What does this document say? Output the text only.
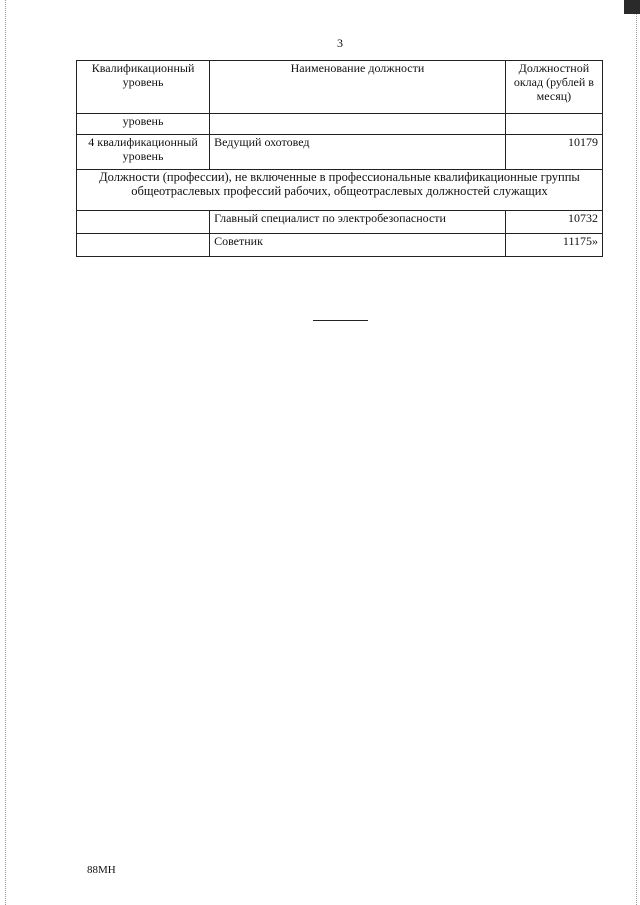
3
Квалификационный уровень	Наименование должности	Должностной оклад (рублей в месяц)
уровень		
4 квалификационный уровень	Ведущий охотовед	10179
Должности (профессии), не включенные в профессиональные квалификационные группы общеотраслевых профессий рабочих, общеотраслевых должностей служащих		
	Главный специалист по электробезопасности	10732
	Советник	11175»
88МН
